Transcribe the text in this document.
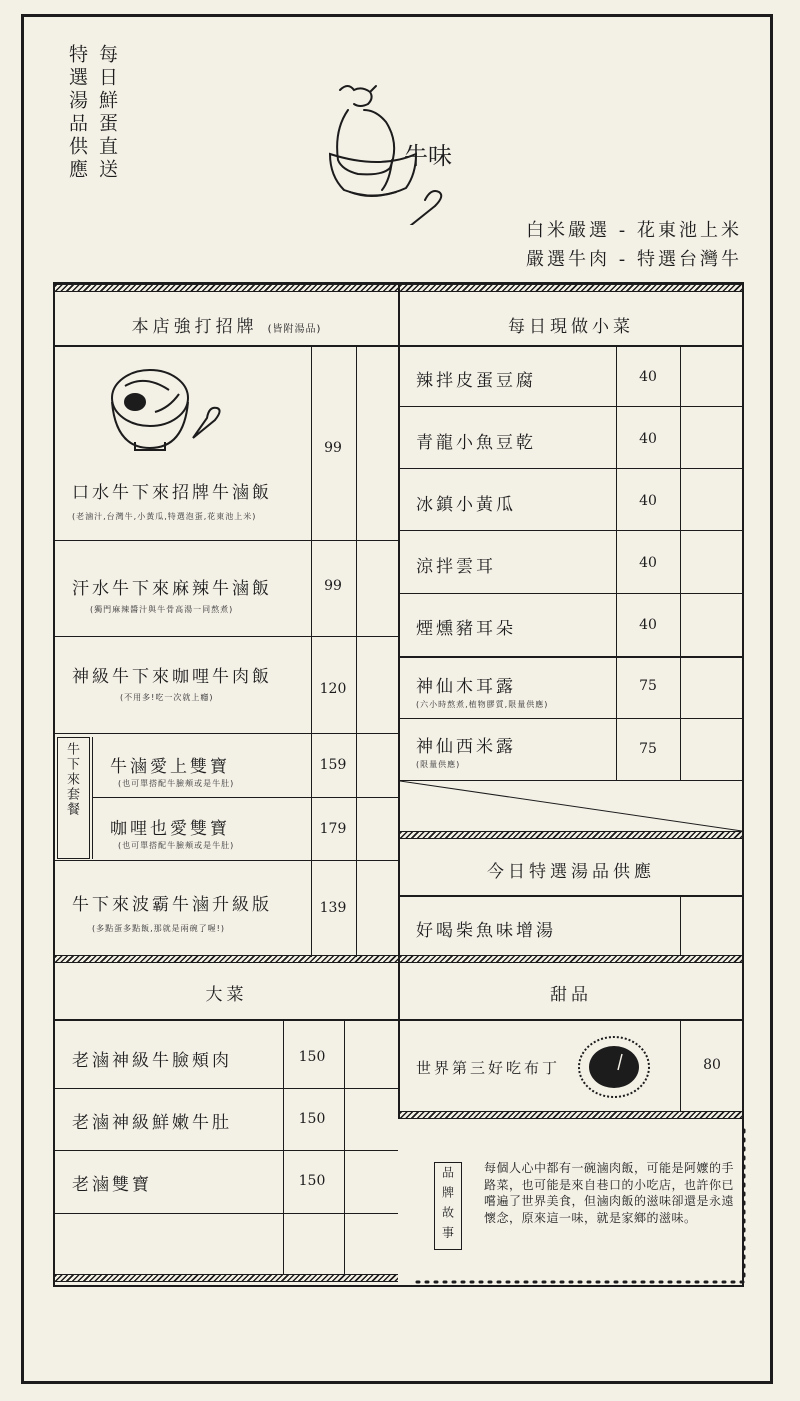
每日鮮蛋直送
特選湯品供應	牛味
白米嚴選 - 花東池上米
嚴選牛肉 - 特選台灣牛
本店強打招牌 (皆附湯品)
口水牛下來招牌牛滷飯
(老滷汁,台灣牛,小黃瓜,特選泡蛋,花東池上米)
99
汗水牛下來麻辣牛滷飯
(獨門麻辣醬汁與牛骨高湯一同熬煮)
99
神級牛下來咖哩牛肉飯
(不用多!吃一次就上癮)
120
牛下來套餐 牛滷愛上雙寶
(也可單搭配牛臉頰或是牛肚)
159
咖哩也愛雙寶
(也可單搭配牛臉頰或是牛肚)
179
牛下來波霸牛滷升級版
(多點蛋多點飯,那就是兩碗了喔!)
139
大菜
老滷神級牛臉頰肉	150
老滷神級鮮嫩牛肚	150
老滷雙寶	150
每日現做小菜
辣拌皮蛋豆腐	40
青龍小魚豆乾	40
冰鎮小黃瓜	40
涼拌雲耳	40
煙燻豬耳朵	40
神仙木耳露
(六小時熬煮,植物膠質,限量供應)
75
神仙西米露
(限量供應)
75
今日特選湯品供應
好喝柴魚味增湯
甜品
世界第三好吃布丁	80
品牌故事	每個人心中都有一碗滷肉飯，可能是阿嬤的手路菜，也可能是來自巷口的小吃店，也許你已嚐遍了世界美食，但滷肉飯的滋味卻還是永遠懷念，原來這一味，就是家鄉的滋味。
